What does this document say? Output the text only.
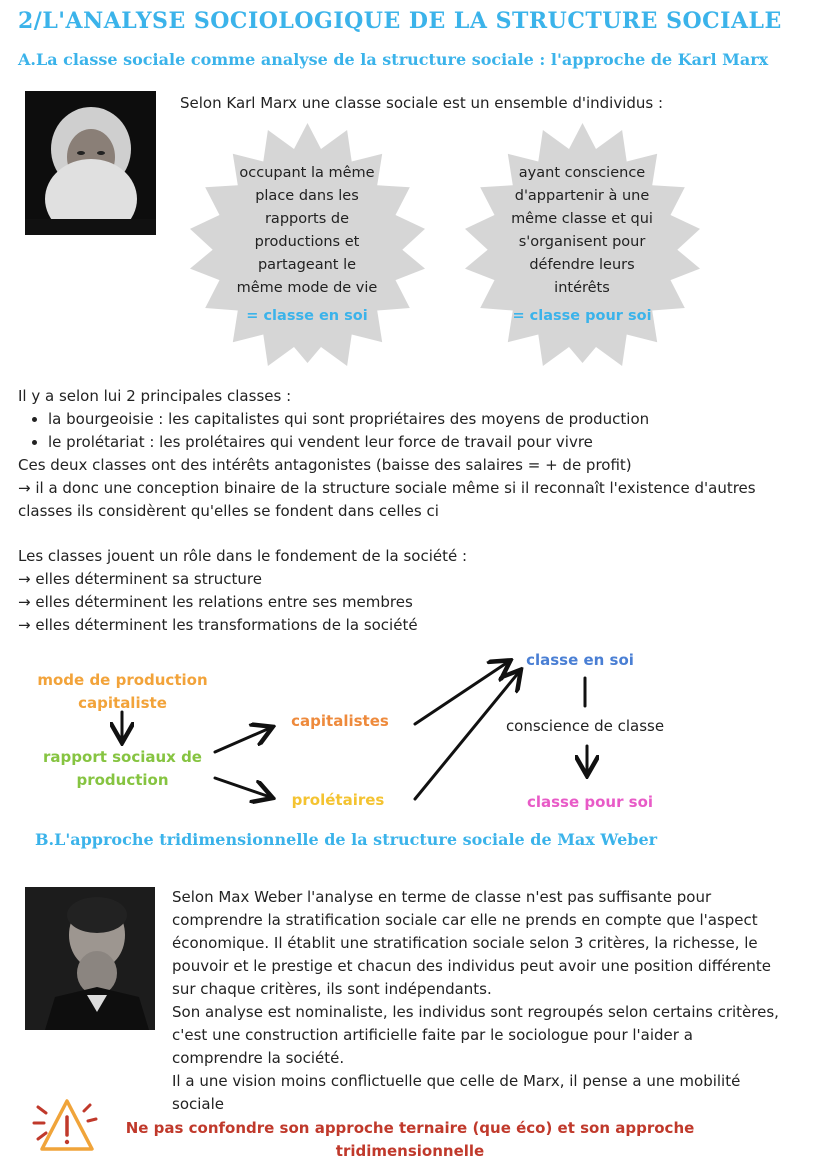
2/L'ANALYSE SOCIOLOGIQUE DE LA STRUCTURE SOCIALE
A.La classe sociale comme analyse de la structure sociale : l'approche de Karl Marx
Selon Karl Marx une classe sociale est un ensemble d'individus :
occupant la même
place dans les
rapports de
productions et
partageant le
même mode de vie
= classe en soi
ayant conscience
d'appartenir à une
même classe et qui
s'organisent pour
défendre leurs
intérêts
= classe pour soi
Il y a selon lui 2 principales classes :
• la bourgeoisie : les capitalistes qui sont propriétaires des moyens de production
• le prolétariat : les prolétaires qui vendent leur force de travail pour vivre
Ces deux classes ont des intérêts antagonistes (baisse des salaires = + de profit)
→ il a donc une conception binaire de la structure sociale même si il reconnaît l'existence d'autres
classes ils considèrent qu'elles se fondent dans celles ci
Les classes jouent un rôle dans le fondement de la société :
→ elles déterminent sa structure
→ elles déterminent les relations entre ses membres
→ elles déterminent les transformations de la société
mode de production
capitaliste
rapport sociaux de
production
capitalistes
prolétaires
classe en soi
conscience de classe
classe pour soi
B.L'approche tridimensionnelle de la structure sociale de Max Weber
Selon Max Weber l'analyse en terme de classe n'est pas suffisante pour
comprendre la stratification sociale car elle ne prends en compte que l'aspect
économique. Il établit une stratification sociale selon 3 critères, la richesse, le
pouvoir et le prestige et chacun des individus peut avoir une position différente
sur chaque critères, ils sont indépendants.
Son analyse est nominaliste, les individus sont regroupés selon certains critères,
c'est une construction artificielle faite par le sociologue pour l'aider a
comprendre la société.
Il a une vision moins conflictuelle que celle de Marx, il pense a une mobilité
sociale
Ne pas confondre son approche ternaire (que éco) et son approche
tridimensionnelle
